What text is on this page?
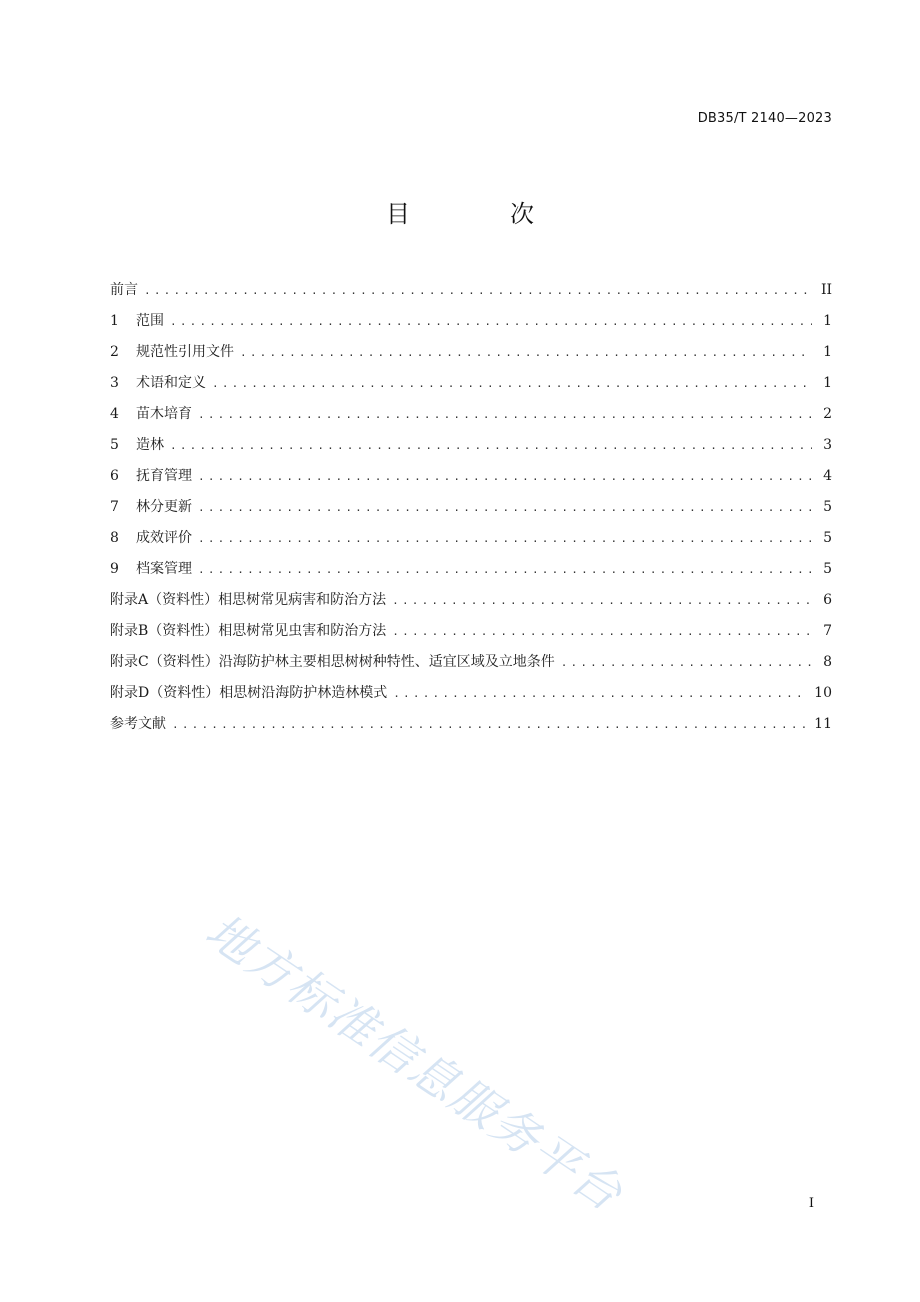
DB35/T 2140—2023
目　次
前言 .....	II
1	范围 .....	1
2	规范性引用文件 .....	1
3	术语和定义 .....	1
4	苗木培育 .....	2
5	造林 .....	3
6	抚育管理 .....	4
7	林分更新 .....	5
8	成效评价 .....	5
9	档案管理 .....	5
附录A（资料性） 相思树常见病害和防治方法 .....	6
附录B（资料性） 相思树常见虫害和防治方法 .....	7
附录C（资料性） 沿海防护林主要相思树树种特性、适宜区域及立地条件 .....	8
附录D（资料性） 相思树沿海防护林造林模式 .....	10
参考文献 .....	11
地方标准信息服务平台	I
